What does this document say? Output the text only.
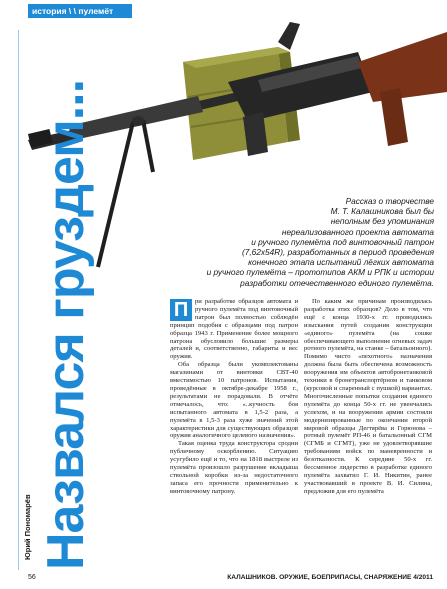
история \ \ пулемёт
Назвался груздем...
Юрий Пономарёв
Рассказ о творчестве
М. Т. Калашникова был бы
неполным без упоминания
нереализованного проекта автомата
и ручного пулемёта под винтовочный патрон
(7,62х54R), разработанных в период проведения
конечного этапа испытаний лёгких автомата
и ручного пулемёта – прототипов АКМ и РПК и истории
разработки отечественного единого пулемёта.
П	ри разработке образцов автомата и ручного пулемёта под винтовочный патрон был полностью соблюдён принцип подобия с образцами под патрон образца 1943 г. Применение более мощного патрона обусловило большие размеры деталей и, соответственно, габариты и вес оружия.

Оба образца были укомплектованы магазинами от винтовки СВТ-40 вместимостью 10 патронов. Испытания, проведённые в октябре-декабре 1958 г., результатами не порадовали. В отчёте отмечалось, что: «..кучность боя испытанного автомата в 1,5-2 раза, а пулемёта в 1,5-3 раза хуже значений этой характеристики для существующих образцов оружия аналогичного целевого назначения».

Такая оценка труда конструктора сродни публичному оскорблению. Ситуацию усугубило ещё и то, что на 1818 выстреле из пулемёта произошло разрушение вкладыша ствольной коробки из-за недостаточного запаса его прочности применительно к винтовочному патрону.

По каким же причинам производилась разработка этих образцов? Дело в том, что ещё с конца 1930-х гг. проводились изыскания путей создания конструкции «единого» пулемёта (на сошке обеспечивающего выполнение огневых задач ротного пулемёта, на станке – батальонного). Помимо чисто «пехотного» назначения должна была быть обеспечена возможность вооружения им объектов автобронетанковой техники в бронетранспортёрном и танковом (курсовой и спаренный с пушкой) вариантах. Многочисленные попытки создания единого пулемёта до конца 50-х гг. не увенчались успехом, и на вооружении армии состояли модернизированные по окончании второй мировой образцы Дегтярёва и Горюнова – ротный пулемёт РП-46 и батальонный СГМ (СГМБ и СГМТ), уже не удовлетворявшие требованиям войск по маневренности и безотказности. К середине 50-х гг. бессменное лидерство в разработке единого пулемёта захватил Г. И. Никитин, ранее участвовавший в проекте В. И. Силина, предложив для его пулемёта

56	КАЛАШНИКОВ. ОРУЖИЕ, БОЕПРИПАСЫ, СНАРЯЖЕНИЕ 4/2011
